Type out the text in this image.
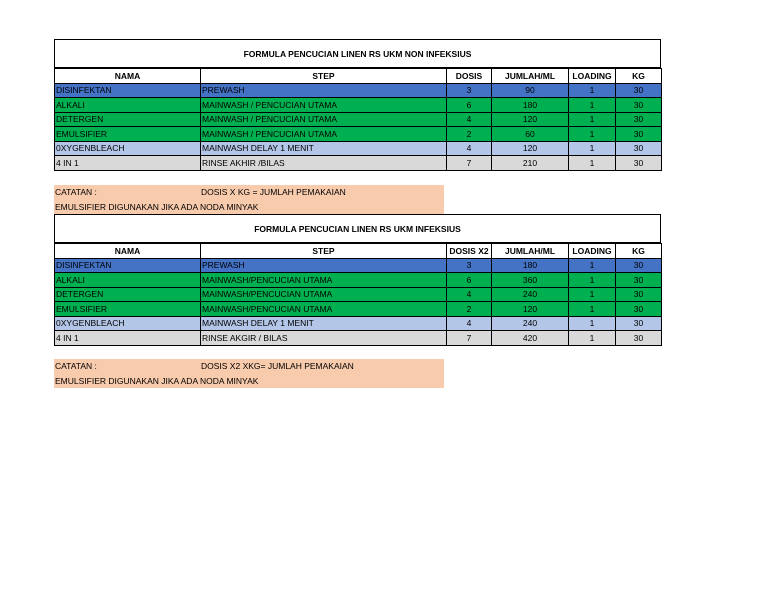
FORMULA PENCUCIAN LINEN RS UKM NON INFEKSIUS
NAMA	STEP	DOSIS	JUMLAH/ML	LOADING	KG
DISINFEKTAN	PREWASH	3	90	1	30
ALKALI	MAINWASH / PENCUCIAN UTAMA	6	180	1	30
DETERGEN	MAINWASH / PENCUCIAN UTAMA	4	120	1	30
EMULSIFIER	MAINWASH / PENCUCIAN UTAMA	2	60	1	30
0XYGENBLEACH	MAINWASH DELAY 1 MENIT	4	120	1	30
4 IN 1	RINSE AKHIR /BILAS	7	210	1	30
CATATAN :	DOSIS X KG = JUMLAH PEMAKAIAN
EMULSIFIER DIGUNAKAN JIKA ADA NODA MINYAK
FORMULA PENCUCIAN LINEN RS UKM INFEKSIUS
NAMA	STEP	DOSIS X2	JUMLAH/ML	LOADING	KG
DISINFEKTAN	PREWASH	3	180	1	30
ALKALI	MAINWASH/PENCUCIAN UTAMA	6	360	1	30
DETERGEN	MAINWASH/PENCUCIAN UTAMA	4	240	1	30
EMULSIFIER	MAINWASH/PENCUCIAN UTAMA	2	120	1	30
0XYGENBLEACH	MAINWASH DELAY 1 MENIT	4	240	1	30
4 IN 1	RINSE AKGIR / BILAS	7	420	1	30
CATATAN :	DOSIS X2 XKG= JUMLAH PEMAKAIAN
EMULSIFIER DIGUNAKAN JIKA ADA NODA MINYAK
